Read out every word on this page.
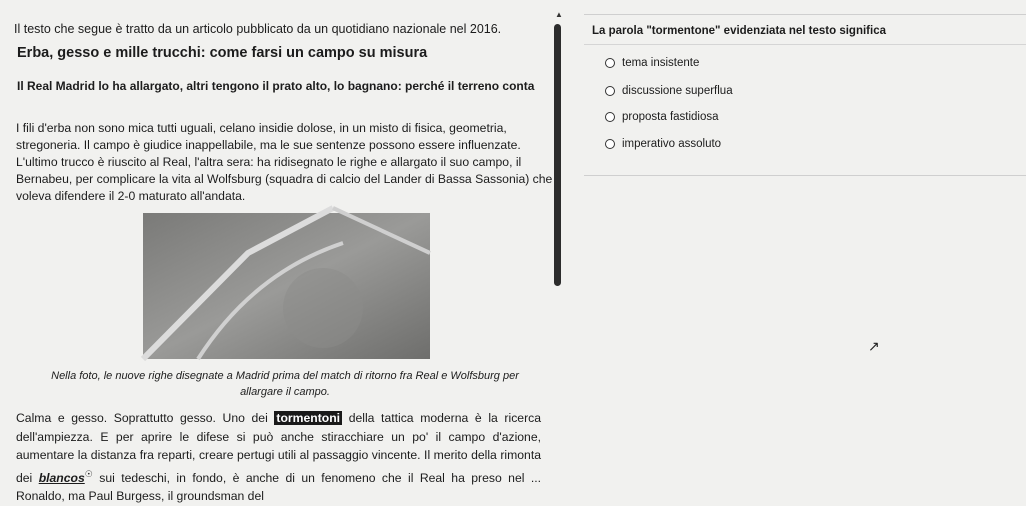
Il testo che segue è tratto da un articolo pubblicato da un quotidiano nazionale nel 2016.
Erba, gesso e mille trucchi: come farsi un campo su misura
Il Real Madrid lo ha allargato, altri tengono il prato alto, lo bagnano: perché il terreno conta

I fili d'erba non sono mica tutti uguali, celano insidie dolose, in un misto di fisica, geometria, stregoneria. Il campo è giudice inappellabile, ma le sue sentenze possono essere influenzate. L'ultimo trucco è riuscito al Real, l'altra sera: ha ridisegnato le righe e allargato il suo campo, il Bernabeu, per complicare la vita al Wolfsburg (squadra di calcio del Lander di Bassa Sassonia) che voleva difendere il 2-0 maturato all'andata.

Nella foto, le nuove righe disegnate a Madrid prima del match di ritorno fra Real e Wolfsburg per allargare il campo.

Calma e gesso. Soprattutto gesso. Uno dei tormentoni della tattica moderna è la ricerca dell'ampiezza. E per aprire le difese si può anche stiracchiare un po' il campo d'azione, aumentare la distanza fra reparti, creare pertugi utili al passaggio vincente. Il merito della rimonta dei blancos☉ sui tedeschi, in fondo, è anche di un fenomeno che il Real ha preso nel ... Ronaldo, ma Paul Burgess, il groundsman del

▲
La parola "tormentone" evidenziata nel testo significa
tema insistente
discussione superflua
proposta fastidiosa
imperativo assoluto
↗
